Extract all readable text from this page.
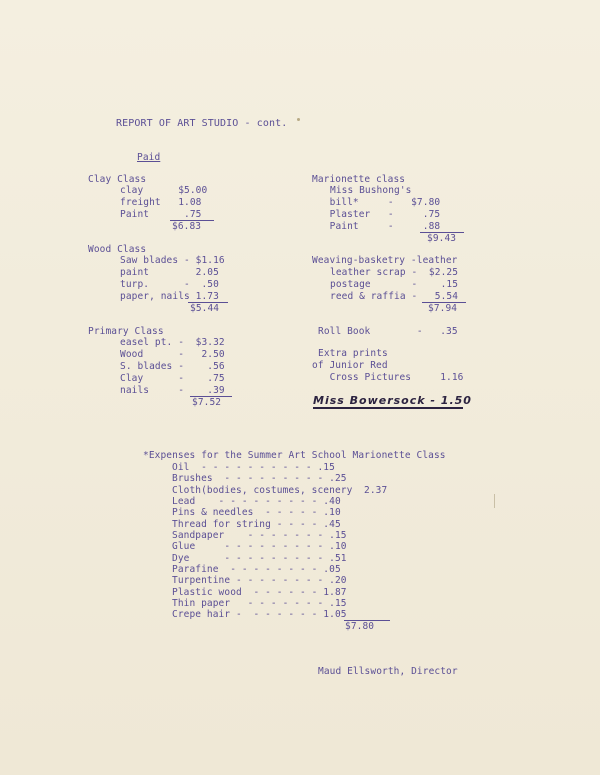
REPORT OF ART STUDIO - cont.
Paid
Clay Class
clay      $5.00
freight   1.08
Paint      .75
$6.83
Wood Class
Saw blades - $1.16
paint        2.05
turp.      -  .50
paper, nails 1.73
$5.44
Primary Class
easel pt. -  $3.32
Wood      -   2.50
S. blades -    .56
Clay      -    .75
nails     -    .39
$7.52
Marionette class
Miss Bushong's
bill*     -   $7.80
Plaster   -     .75
Paint     -     .88
$9.43
Weaving-basketry -leather
leather scrap -  $2.25
postage       -    .15
reed & raffia -   5.54
$7.94
Roll Book        -   .35
Extra prints
of Junior Red
Cross Pictures     1.16
Miss Bowersock - 1.50
*Expenses for the Summer Art School Marionette Class
Oil  - - - - - - - - - - .15
Brushes  - - - - - - - - - .25
Cloth(bodies, costumes, scenery  2.37
Lead    - - - - - - - - - .40
Pins & needles  - - - - - .10
Thread for string - - - - .45
Sandpaper    - - - - - - - .15
Glue     - - - - - - - - - .10
Dye      - - - - - - - - - .51
Parafine  - - - - - - - - .05
Turpentine - - - - - - - - .20
Plastic wood  - - - - - - 1.87
Thin paper   - - - - - - - .15
Crepe hair -  - - - - - - 1.05
$7.80
Maud Ellsworth, Director
